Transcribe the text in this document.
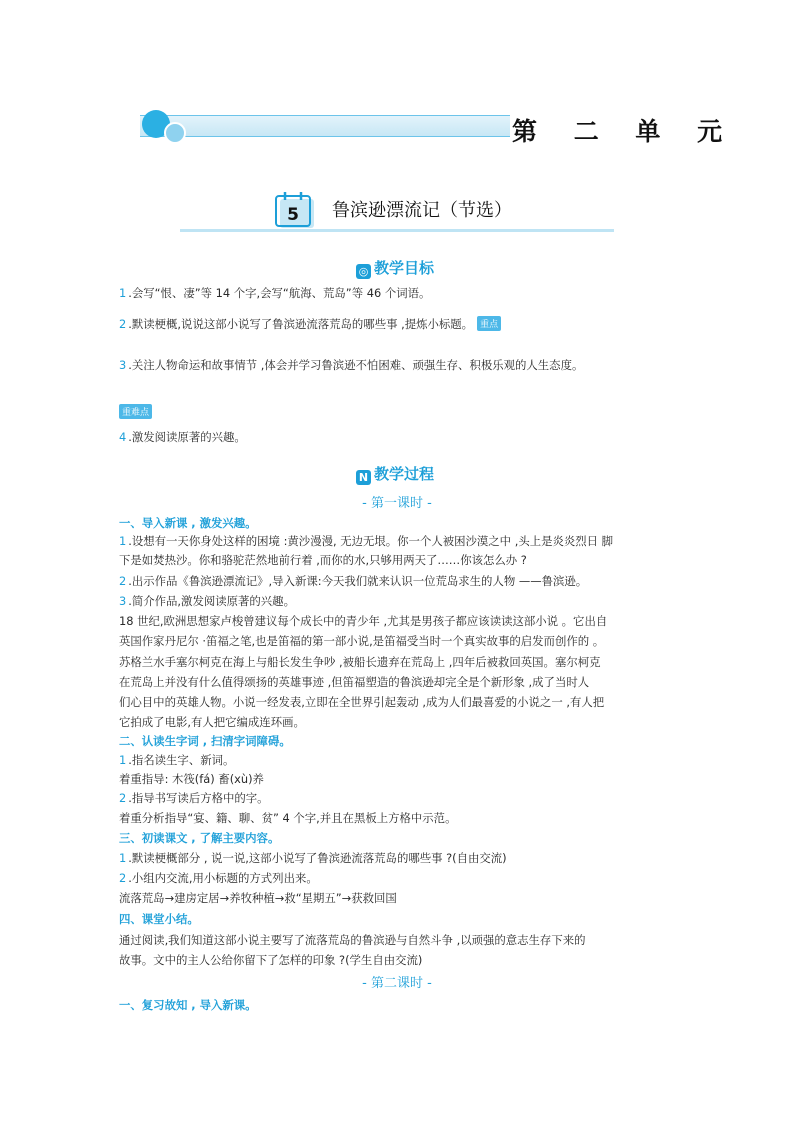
第 二 单 元
5 鲁滨逊漂流记（节选）
◎ 教学目标
1 .会写“恨、凄”等 14 个字,会写“航海、荒岛”等 46 个词语。
2 .默读梗概,说说这部小说写了鲁滨逊流落荒岛的哪些事 ,提炼小标题。 重点
3 .关注人物命运和故事情节 ,体会并学习鲁滨逊不怕困难、顽强生存、积极乐观的人生态度。
重难点
4 .激发阅读原著的兴趣。
N 教学过程
- 第一课时 -
一、导入新课 , 激发兴趣。
1 .设想有一天你身处这样的困境 :黄沙漫漫, 无边无垠。你一个人被困沙漠之中 ,头上是炎炎烈日 脚
下是如焚热沙。你和骆驼茫然地前行着 ,而你的水,只够用两天了……你该怎么办 ?
2 .出示作品《鲁滨逊漂流记》,导入新课:今天我们就来认识一位荒岛求生的人物 ——鲁滨逊。
3 .简介作品,激发阅读原著的兴趣。
18 世纪,欧洲思想家卢梭曾建议每个成长中的青少年 ,尤其是男孩子都应该读读这部小说 。它出自
英国作家丹尼尔 ·笛福之笔,也是笛福的第一部小说,是笛福受当时一个真实故事的启发而创作的 。
苏格兰水手塞尔柯克在海上与船长发生争吵 ,被船长遗弃在荒岛上 ,四年后被救回英国。塞尔柯克
在荒岛上并没有什么值得颂扬的英雄事迹 ,但笛福塑造的鲁滨逊却完全是个新形象 ,成了当时人
们心目中的英雄人物。小说一经发表,立即在全世界引起轰动 ,成为人们最喜爱的小说之一 ,有人把
它拍成了电影,有人把它编成连环画。
二、认读生字词 , 扫清字词障碍。
1 .指名读生字、新词。
着重指导: 木筏(fá) 畜(xù)养
2 .指导书写读后方格中的字。
着重分析指导“宴、籍、聊、贫” 4 个字,并且在黑板上方格中示范。
三、初读课文 , 了解主要内容。
1 .默读梗概部分 , 说一说,这部小说写了鲁滨逊流落荒岛的哪些事 ?(自由交流)
2 .小组内交流,用小标题的方式列出来。
流落荒岛→建房定居→养牧种植→救“星期五”→获救回国
四、课堂小结。
通过阅读,我们知道这部小说主要写了流落荒岛的鲁滨逊与自然斗争 ,以顽强的意志生存下来的
故事。文中的主人公给你留下了怎样的印象 ?(学生自由交流)
一、复习故知 , 导入新课。
- 第二课时 -
